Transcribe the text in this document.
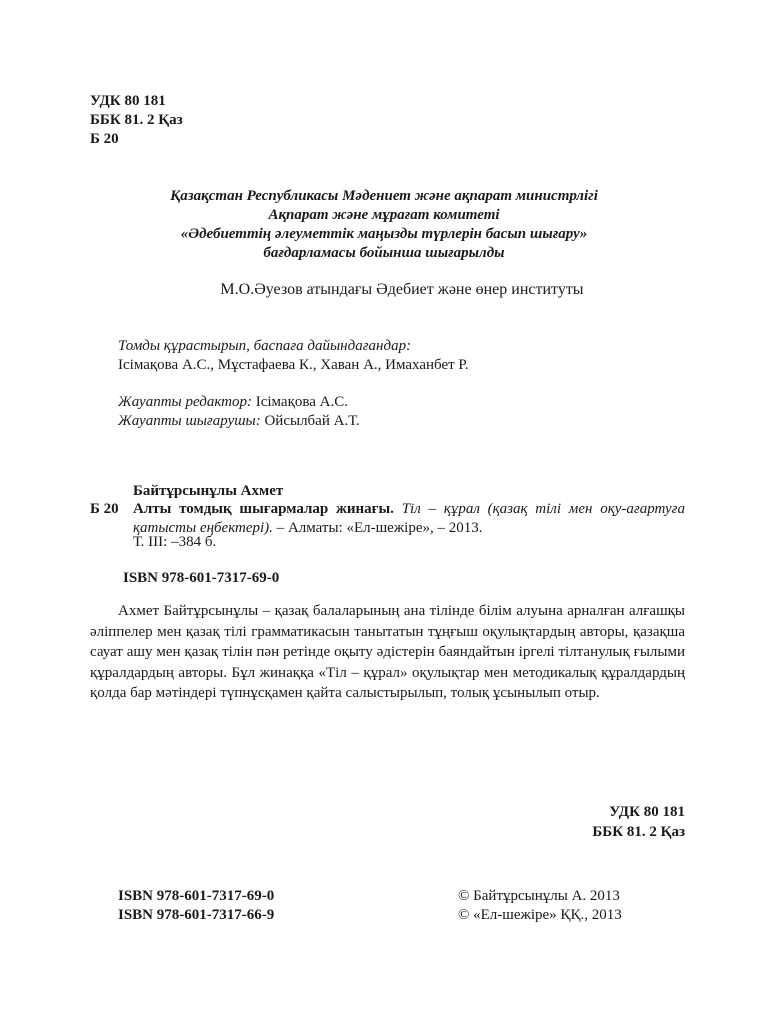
УДК 80 181
ББК 81. 2 Қаз
Б 20
Қазақстан Республикасы Мәдениет және ақпарат министрлігі
Ақпарат және мұрағат комитеті
«Әдебиеттің әлеуметтік маңызды түрлерін басып шығару»
бағдарламасы бойынша шығарылды
М.О.Әуезов атындағы Әдебиет және өнер институты
Томды құрастырып, баспаға дайындағандар:
Ісімақова А.С., Мұстафаева К., Хаван А., Имаханбет Р.
Жауапты редактор: Ісімақова А.С.
Жауапты шығарушы: Ойсылбай А.Т.
Байтұрсынұлы Ахмет
Б 20 Алты томдық шығармалар жинағы. Тіл – құрал (қазақ тілі мен оқу-ағартуға қатысты еңбектері). – Алматы: «Ел-шежіре», – 2013.
Т. ІІІ: –384 б.
ISBN 978-601-7317-69-0
Ахмет Байтұрсынұлы – қазақ балаларының ана тілінде білім алуына арналған алғашқы әліппелер мен қазақ тілі грамматикасын танытатын тұңғыш оқулықтардың авторы, қазақша сауат ашу мен қазақ тілін пән ретінде оқыту әдістерін баяндайтын іргелі тілтанулық ғылыми құралдардың авторы. Бұл жинаққа «Тіл – құрал» оқулықтар мен методикалық құралдардың қолда бар мәтіндері түпнұсқамен қайта салыстырылып, толық ұсынылып отыр.
УДК 80 181
ББК 81. 2 Қаз
ISBN 978-601-7317-69-0
ISBN 978-601-7317-66-9
© Байтұрсынұлы А. 2013
© «Ел-шежіре» ҚҚ., 2013
